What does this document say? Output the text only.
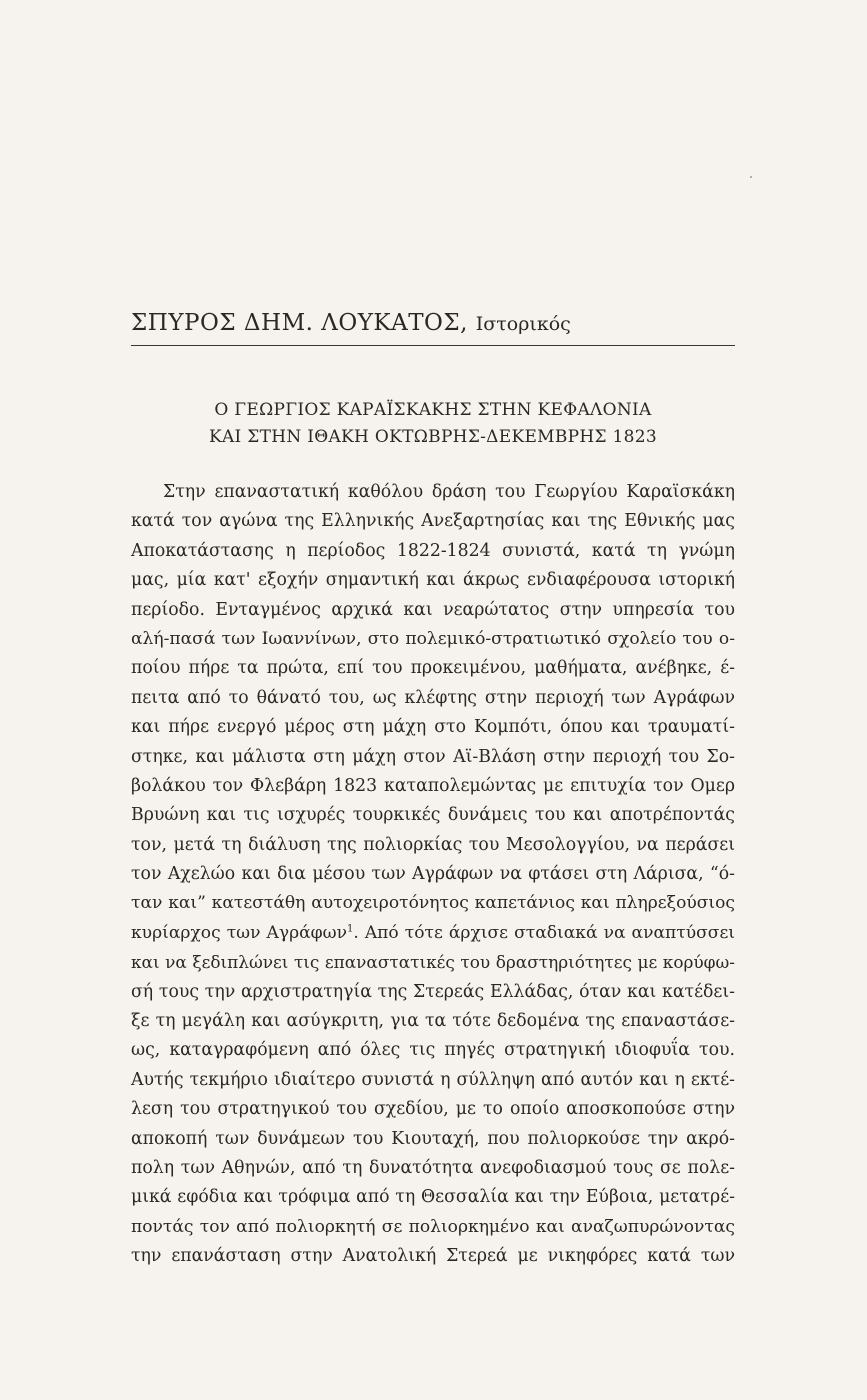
ΣΠΥΡΟΣ ΔΗΜ. ΛΟΥΚΑΤΟΣ, Ιστορικός
Ο ΓΕΩΡΓΙΟΣ ΚΑΡΑΪΣΚΑΚΗΣ ΣΤΗΝ ΚΕΦΑΛΟΝΙΑ
ΚΑΙ ΣΤΗΝ ΙΘΑΚΗ ΟΚΤΩΒΡΗΣ-ΔΕΚΕΜΒΡΗΣ 1823
Στην επαναστατική καθόλου δράση του Γεωργίου Καραϊσκάκη
κατά τον αγώνα της Ελληνικής Ανεξαρτησίας και της Εθνικής μας
Αποκατάστασης η περίοδος 1822-1824 συνιστά, κατά τη γνώμη
μας, μία κατ' εξοχήν σημαντική και άκρως ενδιαφέρουσα ιστορική
περίοδο. Ενταγμένος αρχικά και νεαρώτατος στην υπηρεσία του
αλή-πασά των Ιωαννίνων, στο πολεμικό-στρατιωτικό σχολείο του ο-
ποίου πήρε τα πρώτα, επί του προκειμένου, μαθήματα, ανέβηκε, έ-
πειτα από το θάνατό του, ως κλέφτης στην περιοχή των Αγράφων
και πήρε ενεργό μέρος στη μάχη στο Κομπότι, όπου και τραυματί-
στηκε, και μάλιστα στη μάχη στον Αϊ-Βλάση στην περιοχή του Σο-
βολάκου τον Φλεβάρη 1823 καταπολεμώντας με επιτυχία τον Ομερ
Βρυώνη και τις ισχυρές τουρκικές δυνάμεις του και αποτρέποντάς
τον, μετά τη διάλυση της πολιορκίας του Μεσολογγίου, να περάσει
τον Αχελώο και δια μέσου των Αγράφων να φτάσει στη Λάρισα, “ό-
ταν και” κατεστάθη αυτοχειροτόνητος καπετάνιος και πληρεξούσιος
κυρίαρχος των Αγράφων$^1$. Από τότε άρχισε σταδιακά να αναπτύσσει
και να ξεδιπλώνει τις επαναστατικές του δραστηριότητες με κορύφω-
σή τους την αρχιστρατηγία της Στερεάς Ελλάδας, όταν και κατέδει-
ξε τη μεγάλη και ασύγκριτη, για τα τότε δεδομένα της επαναστάσε-
ως, καταγραφόμενη από όλες τις πηγές στρατηγική ιδιοφυΐα του.
Αυτής τεκμήριο ιδιαίτερο συνιστά η σύλληψη από αυτόν και η εκτέ-
λεση του στρατηγικού του σχεδίου, με το οποίο αποσκοπούσε στην
αποκοπή των δυνάμεων του Κιουταχή, που πολιορκούσε την ακρό-
πολη των Αθηνών, από τη δυνατότητα ανεφοδιασμού τους σε πολε-
μικά εφόδια και τρόφιμα από τη Θεσσαλία και την Εύβοια, μετατρέ-
ποντάς τον από πολιορκητή σε πολιορκημένο και αναζωπυρώνοντας
την επανάσταση στην Ανατολική Στερεά με νικηφόρες κατά των
